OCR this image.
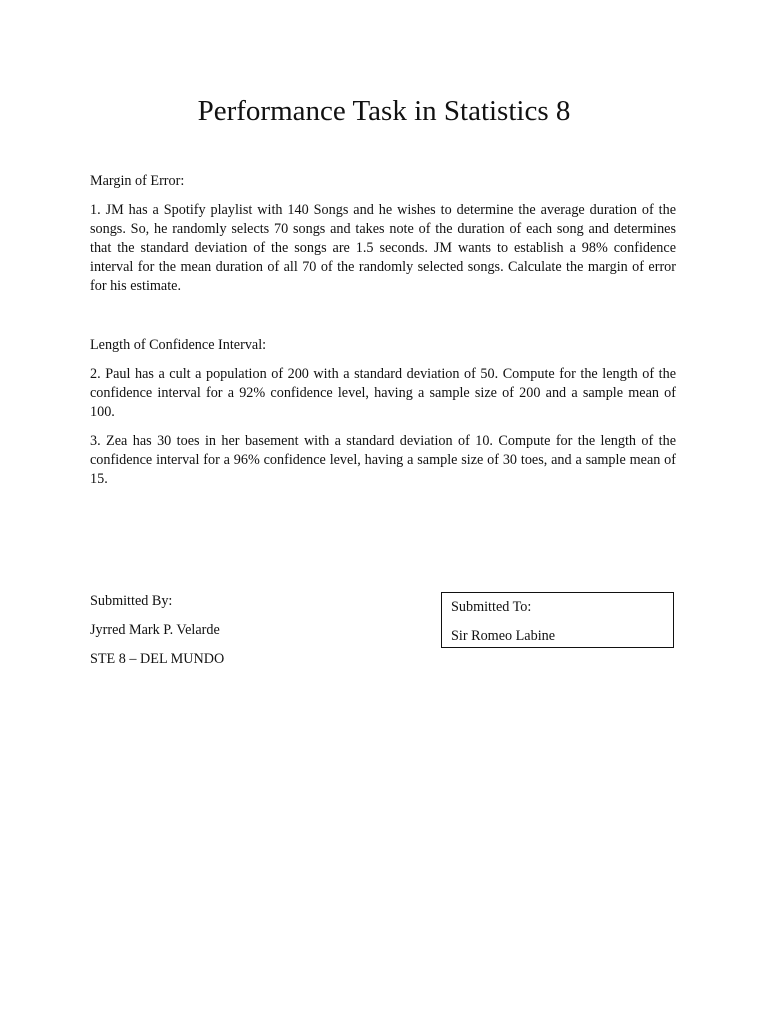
Performance Task in Statistics 8

Margin of Error:

1. JM has a Spotify playlist with 140 Songs and he wishes to determine the average duration of the songs. So, he randomly selects 70 songs and takes note of the duration of each song and determines that the standard deviation of the songs are 1.5 seconds. JM wants to establish a 98% confidence interval for the mean duration of all 70 of the randomly selected songs. Calculate the margin of error for his estimate.

Length of Confidence Interval:

2. Paul has a cult a population of 200 with a standard deviation of 50. Compute for the length of the confidence interval for a 92% confidence level, having a sample size of 200 and a sample mean of 100.

3. Zea has 30 toes in her basement with a standard deviation of 10. Compute for the length of the confidence interval for a 96% confidence level, having a sample size of 30 toes, and a sample mean of 15.

Submitted By:
Jyrred Mark P. Velarde
STE 8 – DEL MUNDO
Submitted To:
Sir Romeo Labine
